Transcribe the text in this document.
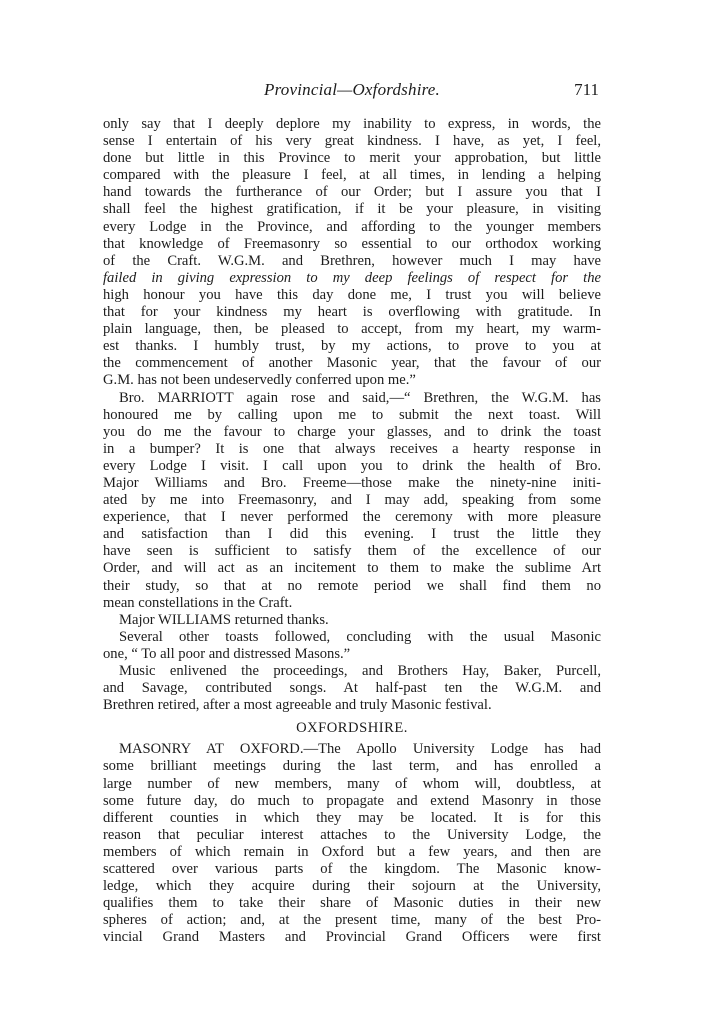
Provincial—Oxfordshire.	711
only say that I deeply deplore my inability to express, in words, the
sense I entertain of his very great kindness. I have, as yet, I feel,
done but little in this Province to merit your approbation, but little
compared with the pleasure I feel, at all times, in lending a helping
hand towards the furtherance of our Order; but I assure you that I
shall feel the highest gratification, if it be your pleasure, in visiting
every Lodge in the Province, and affording to the younger members
that knowledge of Freemasonry so essential to our orthodox working
of the Craft. W.G.M. and Brethren, however much I may have
failed in giving expression to my deep feelings of respect for the
high honour you have this day done me, I trust you will believe
that for your kindness my heart is overflowing with gratitude. In
plain language, then, be pleased to accept, from my heart, my warm-
est thanks. I humbly trust, by my actions, to prove to you at
the commencement of another Masonic year, that the favour of our
G.M. has not been undeservedly conferred upon me.”
Bro. MARRIOTT again rose and said,—“ Brethren, the W.G.M. has
honoured me by calling upon me to submit the next toast. Will
you do me the favour to charge your glasses, and to drink the toast
in a bumper? It is one that always receives a hearty response in
every Lodge I visit. I call upon you to drink the health of Bro.
Major Williams and Bro. Freeme—those make the ninety-nine initi-
ated by me into Freemasonry, and I may add, speaking from some
experience, that I never performed the ceremony with more pleasure
and satisfaction than I did this evening. I trust the little they
have seen is sufficient to satisfy them of the excellence of our
Order, and will act as an incitement to them to make the sublime Art
their study, so that at no remote period we shall find them no
mean constellations in the Craft.
Major WILLIAMS returned thanks.
Several other toasts followed, concluding with the usual Masonic
one, “ To all poor and distressed Masons.”
Music enlivened the proceedings, and Brothers Hay, Baker, Purcell,
and Savage, contributed songs. At half-past ten the W.G.M. and
Brethren retired, after a most agreeable and truly Masonic festival.
OXFORDSHIRE.
MASONRY AT OXFORD.—The Apollo University Lodge has had
some brilliant meetings during the last term, and has enrolled a
large number of new members, many of whom will, doubtless, at
some future day, do much to propagate and extend Masonry in those
different counties in which they may be located. It is for this
reason that peculiar interest attaches to the University Lodge, the
members of which remain in Oxford but a few years, and then are
scattered over various parts of the kingdom. The Masonic know-
ledge, which they acquire during their sojourn at the University,
qualifies them to take their share of Masonic duties in their new
spheres of action; and, at the present time, many of the best Pro-
vincial Grand Masters and Provincial Grand Officers were first
